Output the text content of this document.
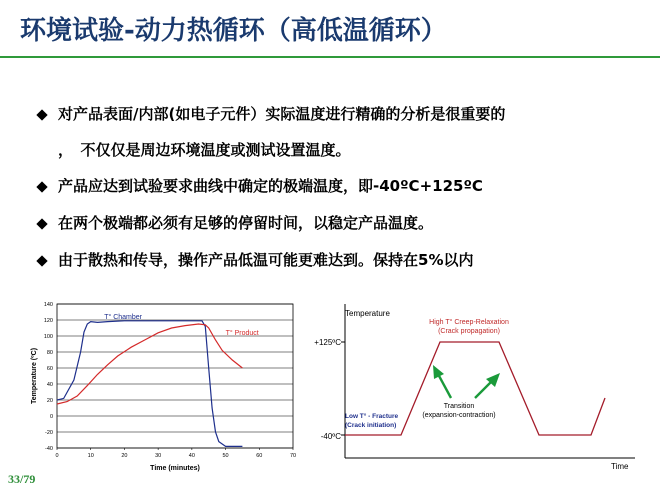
环境试验-动力热循环（高低温循环）
对产品表面/内部(如电子元件）实际温度进行精确的分析是很重要的
，　不仅仅是周边环境温度或测试设置温度。
产品应达到试验要求曲线中确定的极端温度，即-40ºC+125ºC
在两个极端都必须有足够的停留时间，以稳定产品温度。
由于散热和传导，操作产品低温可能更难达到。保持在5%以内
-40
-20
0
20
40
60
80
100
120
140
0	10	20	30	40	50	60	70
T° Chamber
T° Product
Temperature (ºC)
Time (minutes)
Temperature
Time
+125ºC
-40ºC
High T° Creep-Relaxation
(Crack propagation)
Transition
(expansion-contraction)
Low T° - Fracture
(Crack initiation)
33/79
